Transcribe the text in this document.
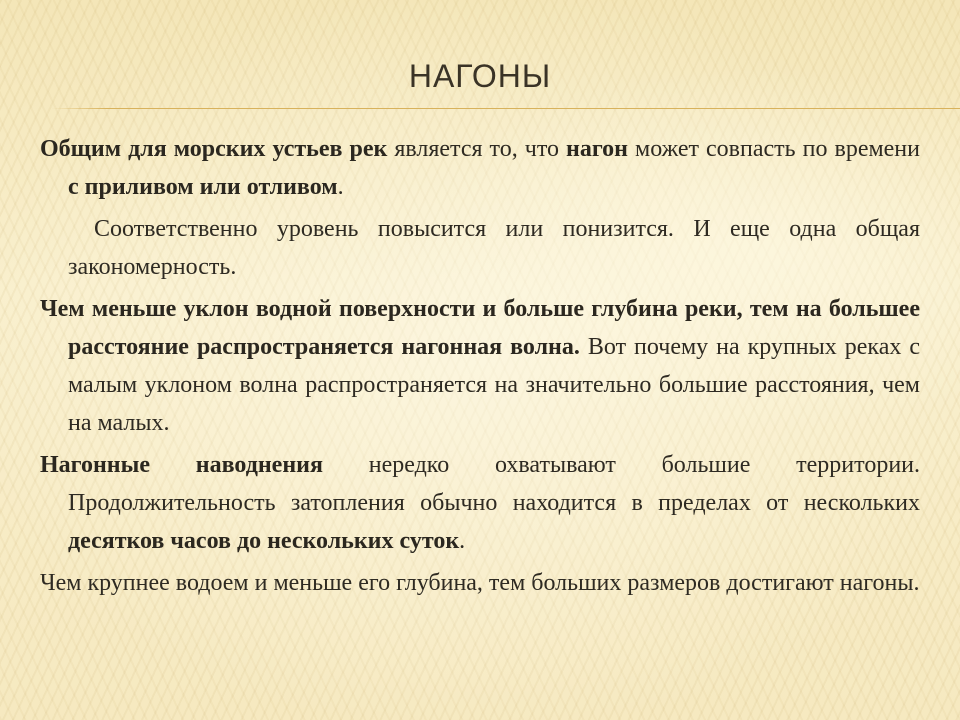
НАГОНЫ

Общим для морских устьев рек является то, что нагон может совпасть по времени с приливом или отливом.

Соответственно уровень повысится или понизится. И еще одна общая закономерность.

Чем меньше уклон водной поверхности и больше глубина реки, тем на большее расстояние распространяется нагонная волна. Вот почему на крупных реках с малым уклоном волна распространяется на значительно большие расстояния, чем на малых.

Нагонные наводнения нередко охватывают большие территории. Продолжительность затопления обычно находится в пределах от нескольких десятков часов до нескольких суток.

Чем крупнее водоем и меньше его глубина, тем больших размеров достигают нагоны.
